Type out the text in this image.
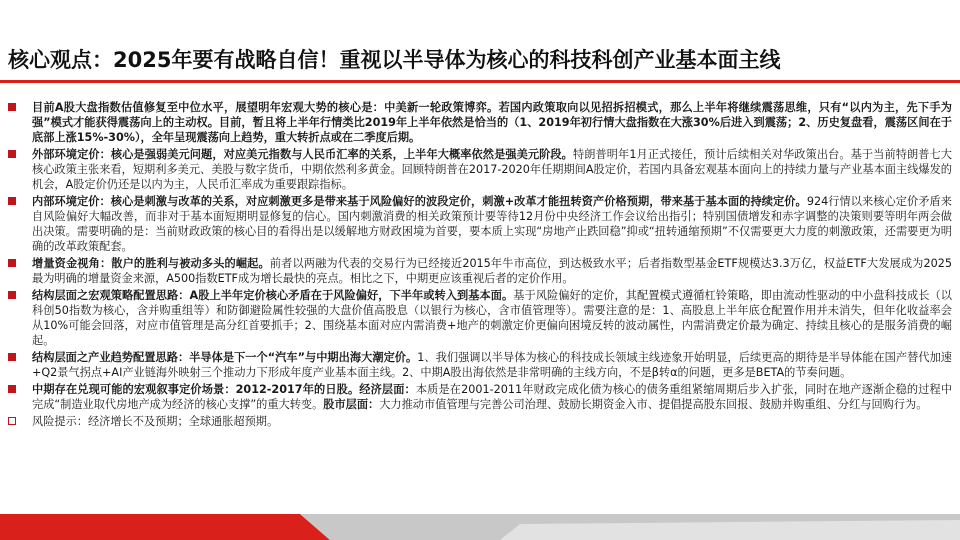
核心观点：2025年要有战略自信！重视以半导体为核心的科技科创产业基本面主线
目前A股大盘指数估值修复至中位水平，展望明年宏观大势的核心是：中美新一轮政策博弈。若国内政策取向以见招拆招模式，那么上半年将继续震荡思维，只有“以内为主，先下手为强”模式才能获得震荡向上的主动权。目前，暂且将上半年行情类比2019年上半年依然是恰当的（1、2019年初行情大盘指数在大涨30%后进入到震荡；2、历史复盘看，震荡区间在于底部上涨15%-30%），全年呈现震荡向上趋势，重大转折点或在二季度后期。
外部环境定价：核心是强弱美元问题，对应美元指数与人民币汇率的关系，上半年大概率依然是强美元阶段。特朗普明年1月正式接任，预计后续相关对华政策出台。基于当前特朗普七大核心政策主张来看，短期利多美元、美股与数字货币，中期依然利多黄金。回顾特朗普在2017-2020年任期期间A股定价，若国内具备宏观基本面向上的持续力量与产业基本面主线爆发的机会，A股定价仍还是以内为主，人民币汇率成为重要跟踪指标。
内部环境定价：核心是刺激与改革的关系，对应刺激更多是带来基于风险偏好的波段定价，刺激+改革才能扭转资产价格预期，带来基于基本面的持续定价。924行情以来核心定价矛盾来自风险偏好大幅改善，而非对于基本面短期明显修复的信心。国内刺激消费的相关政策预计要等待12月份中央经济工作会议给出指引；特别国债增发和赤字调整的决策则要等明年两会做出决策。需要明确的是：当前财政政策的核心目的看得出是以缓解地方财政困境为首要，要本质上实现“房地产止跌回稳”抑或“扭转通缩预期”不仅需要更大力度的刺激政策，还需要更为明确的改革政策配套。
增量资金视角：散户的胜利与被动多头的崛起。前者以两融为代表的交易行为已经接近2015年牛市高位，到达极致水平；后者指数型基金ETF规模达3.3万亿，权益ETF大发展成为2025最为明确的增量资金来源，A500指数ETF成为增长最快的亮点。相比之下，中期更应该重视后者的定价作用。
结构层面之宏观策略配置思路：A股上半年定价核心矛盾在于风险偏好，下半年或转入到基本面。基于风险偏好的定价，其配置模式遵循杠铃策略，即由流动性驱动的中小盘科技成长（以科创50指数为核心，含并购重组等）和防御避险属性较强的大盘价值高股息（以银行为核心，含市值管理等）。需要注意的是：1、高股息上半年底仓配置作用并未消失，但年化收益率会从10%可能会回落，对应市值管理是高分红首要抓手；2、围绕基本面对应内需消费+地产的刺激定价更偏向困境反转的波动属性，内需消费定价最为确定、持续且核心的是服务消费的崛起。
结构层面之产业趋势配置思路：半导体是下一个“汽车”与中期出海大潮定价。1、我们强调以半导体为核心的科技成长领域主线迹象开始明显，后续更高的期待是半导体能在国产替代加速+Q2景气拐点+AI产业链海外映射三个推动力下形成年度产业基本面主线。2、中期A股出海依然是非常明确的主线方向，不是β转α的问题，更多是BETA的节奏问题。
中期存在兑现可能的宏观叙事定价场景：2012-2017年的日股。经济层面：本质是在2001-2011年财政完成化债为核心的债务重组紧缩周期后步入扩张，同时在地产逐渐企稳的过程中完成“制造业取代房地产成为经济的核心支撑”的重大转变。股市层面：大力推动市值管理与完善公司治理、鼓励长期资金入市、提倡提高股东回报、鼓励并购重组、分红与回购行为。
风险提示：经济增长不及预期；全球通胀超预期。
